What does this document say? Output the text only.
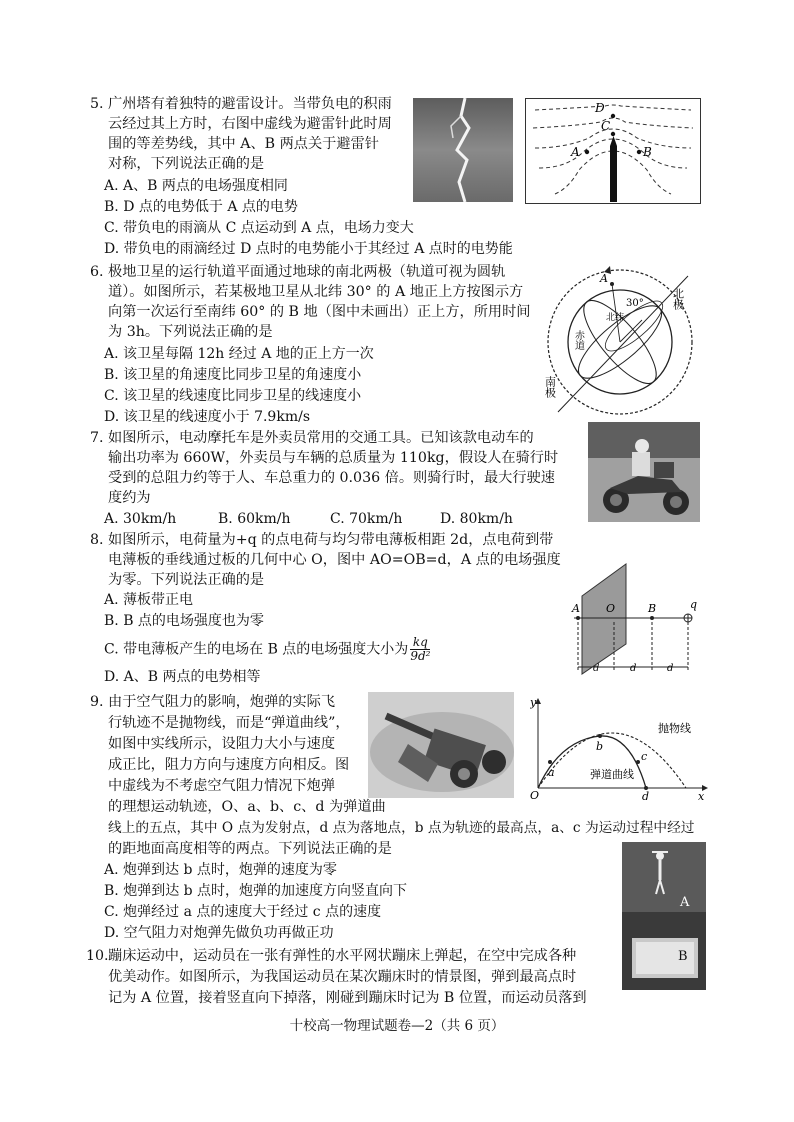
5. 广州塔有着独特的避雷设计。当带负电的积雨
云经过其上方时，右图中虚线为避雷针此时周
围的等差势线，其中 A、B 两点关于避雷针
对称，下列说法正确的是
A. A、B 两点的电场强度相同
B. D 点的电势低于 A 点的电势
C. 带负电的雨滴从 C 点运动到 A 点，电场力变大
D. 带负电的雨滴经过 D 点时的电势能小于其经过 A 点时的电势能
D
C
A	B
6. 极地卫星的运行轨道平面通过地球的南北两极（轨道可视为圆轨
道）。如图所示，若某极地卫星从北纬 30° 的 A 地正上方按图示方
向第一次运行至南纬 60° 的 B 地（图中未画出）正上方，所用时间
为 3h。下列说法正确的是
A. 该卫星每隔 12h 经过 A 地的正上方一次
B. 该卫星的角速度比同步卫星的角速度小
C. 该卫星的线速度比同步卫星的线速度小
D. 该卫星的线速度小于 7.9km/s
A
30°	北极
南极
赤道
北纬
7. 如图所示，电动摩托车是外卖员常用的交通工具。已知该款电动车的
输出功率为 660W，外卖员与车辆的总质量为 110kg，假设人在骑行时
受到的总阻力约等于人、车总重力的 0.036 倍。则骑行时，最大行驶速
度约为
A. 30km/h	B. 60km/h	C. 70km/h	D. 80km/h
8. 如图所示，电荷量为+q 的点电荷与均匀带电薄板相距 2d，点电荷到带
电薄板的垂线通过板的几何中心 O，图中 AO=OB=d，A 点的电场强度
为零。下列说法正确的是
A. 薄板带正电
B. B 点的电场强度也为零
C. 带电薄板产生的电场在 B 点的电场强度大小为 $\frac{kq}{\text{9d²}}$
D. A、B 两点的电势相等
A O	B	q
d	d	d
9. 由于空气阻力的影响，炮弹的实际飞
行轨迹不是抛物线，而是“弹道曲线”，
如图中实线所示，设阻力大小与速度
成正比，阻力方向与速度方向相反。图
中虚线为不考虑空气阻力情况下炮弹
的理想运动轨迹，O、a、b、c、d 为弹道曲
线上的五点，其中 O 点为发射点，d 点为落地点，b 点为轨迹的最高点，a、c 为运动过程中经过
的距地面高度相等的两点。下列说法正确的是
A. 炮弹到达 b 点时，炮弹的速度为零
B. 炮弹到达 b 点时，炮弹的加速度方向竖直向下
C. 炮弹经过 a 点的速度大于经过 c 点的速度
D. 空气阻力对炮弹先做负功再做正功
y
x
O
a
b
c
d
抛物线
弹道曲线
10. 蹦床运动中，运动员在一张有弹性的水平网状蹦床上弹起，在空中完成各种
优美动作。如图所示，为我国运动员在某次蹦床时的情景图，弹到最高点时
记为 A 位置，接着竖直向下掉落，刚碰到蹦床时记为 B 位置，而运动员落到
A
B
十校高一物理试题卷—2（共 6 页）
